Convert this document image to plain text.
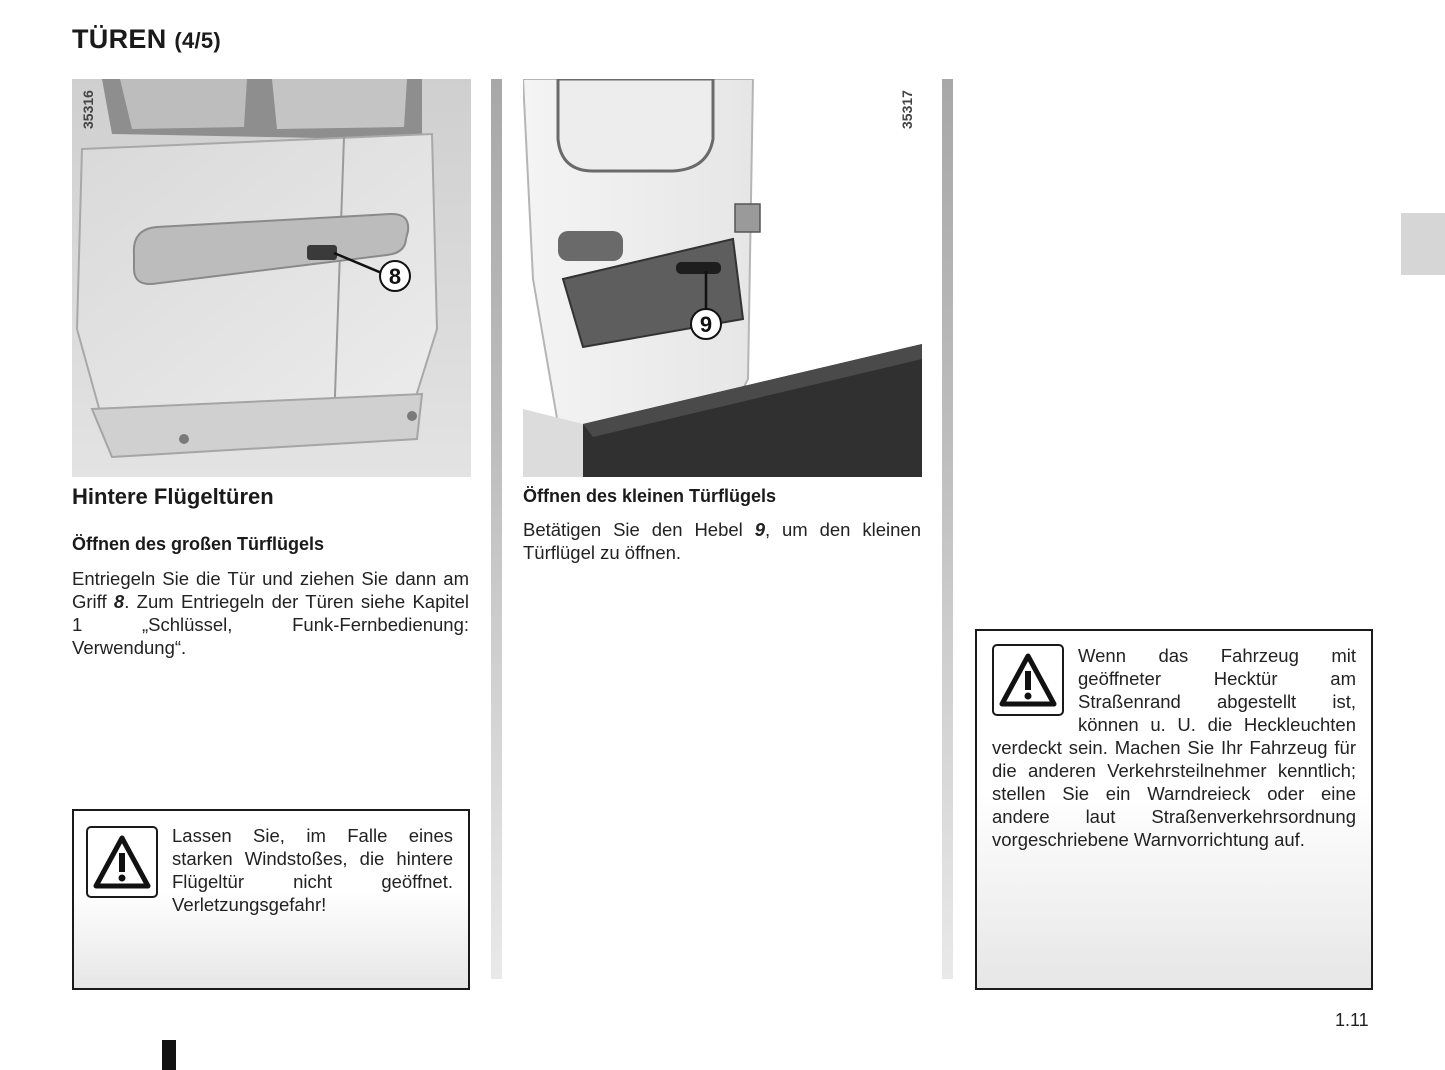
TÜREN (4/5)
8
35316
9
35317
Hintere Flügeltüren
Öffnen des großen Türflügels
Entriegeln Sie die Tür und ziehen Sie dann am Griff 8. Zum Entriegeln der Türen siehe Kapitel 1 „Schlüssel, Funk-Fernbedienung: Verwendung“.
Öffnen des kleinen Türflügels
Betätigen Sie den Hebel 9, um den kleinen Türflügel zu öffnen.
Lassen Sie, im Falle eines starken Windstoßes, die hintere Flügeltür nicht geöffnet. Verletzungsgefahr!
Wenn das Fahrzeug mit geöffneter Hecktür am Straßenrand abgestellt ist, können u. U. die Heckleuchten verdeckt sein. Machen Sie Ihr Fahrzeug für die anderen Verkehrsteilnehmer kenntlich; stellen Sie ein Warndreieck oder eine andere laut Straßenverkehrsordnung vorgeschriebene Warnvorrichtung auf.
1.11
